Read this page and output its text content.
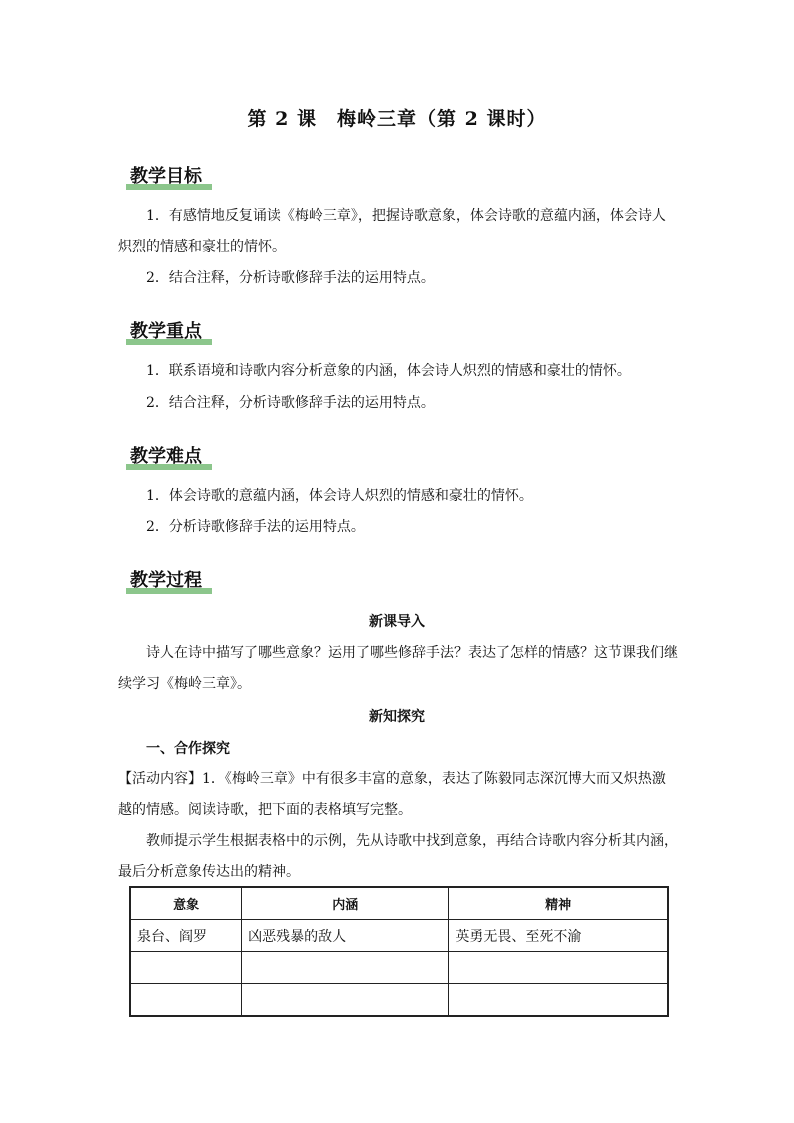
第 2 课　梅岭三章（第 2 课时）
教学目标
1．有感情地反复诵读《梅岭三章》，把握诗歌意象，体会诗歌的意蕴内涵，体会诗人炽烈的情感和豪壮的情怀。
2．结合注释，分析诗歌修辞手法的运用特点。
教学重点
1．联系语境和诗歌内容分析意象的内涵，体会诗人炽烈的情感和豪壮的情怀。
2．结合注释，分析诗歌修辞手法的运用特点。
教学难点
1．体会诗歌的意蕴内涵，体会诗人炽烈的情感和豪壮的情怀。
2．分析诗歌修辞手法的运用特点。
教学过程
新课导入
诗人在诗中描写了哪些意象？运用了哪些修辞手法？表达了怎样的情感？这节课我们继续学习《梅岭三章》。
新知探究
一、合作探究
【活动内容】1．《梅岭三章》中有很多丰富的意象，表达了陈毅同志深沉博大而又炽热激越的情感。阅读诗歌，把下面的表格填写完整。
教师提示学生根据表格中的示例，先从诗歌中找到意象，再结合诗歌内容分析其内涵，最后分析意象传达出的精神。
意象	内涵	精神
泉台、阎罗	凶恶残暴的敌人	英勇无畏、至死不渝
